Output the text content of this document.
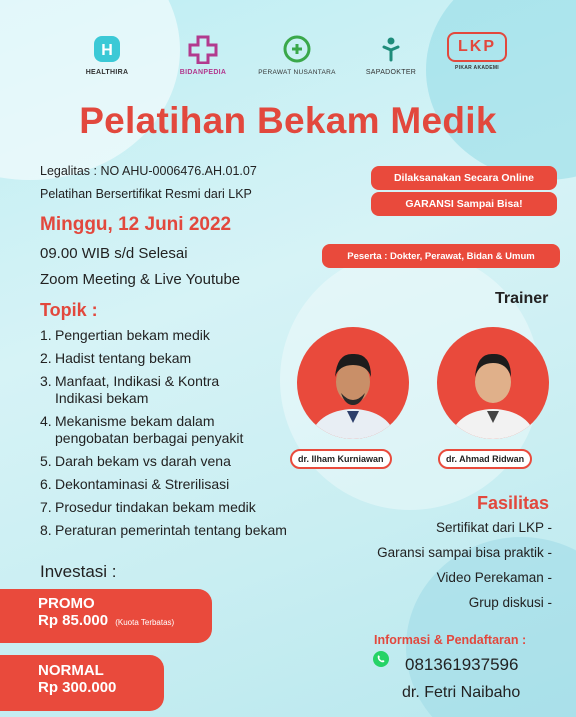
H
HEALTHIRA	BIDANPEDIA	PERAWAT NUSANTARA	SAPADOKTER
LKP
PIKAR AKADEMI
Pelatihan Bekam Medik
Legalitas : NO AHU-0006476.AH.01.07
Pelatihan Bersertifikat Resmi dari LKP
Minggu, 12 Juni 2022
09.00 WIB s/d Selesai
Zoom Meeting & Live Youtube
Dilaksanakan Secara Online
GARANSI Sampai Bisa!
Peserta : Dokter, Perawat, Bidan & Umum
Topik :
1. Pengertian bekam medik
2. Hadist tentang bekam
3. Manfaat, Indikasi & Kontra Indikasi bekam
4. Mekanisme bekam dalam pengobatan berbagai penyakit
5. Darah bekam vs darah vena
6. Dekontaminasi & Strerilisasi
7. Prosedur tindakan bekam medik
8. Peraturan pemerintah tentang bekam
Trainer
dr. Ilham Kurniawan	dr. Ahmad Ridwan
Fasilitas
Sertifikat dari LKP -
Garansi sampai bisa praktik -
Video Perekaman -
Grup diskusi -
Investasi :
PROMO
Rp 85.000 (Kuota Terbatas)
NORMAL
Rp 300.000
Informasi & Pendaftaran :
081361937596
dr. Fetri Naibaho
